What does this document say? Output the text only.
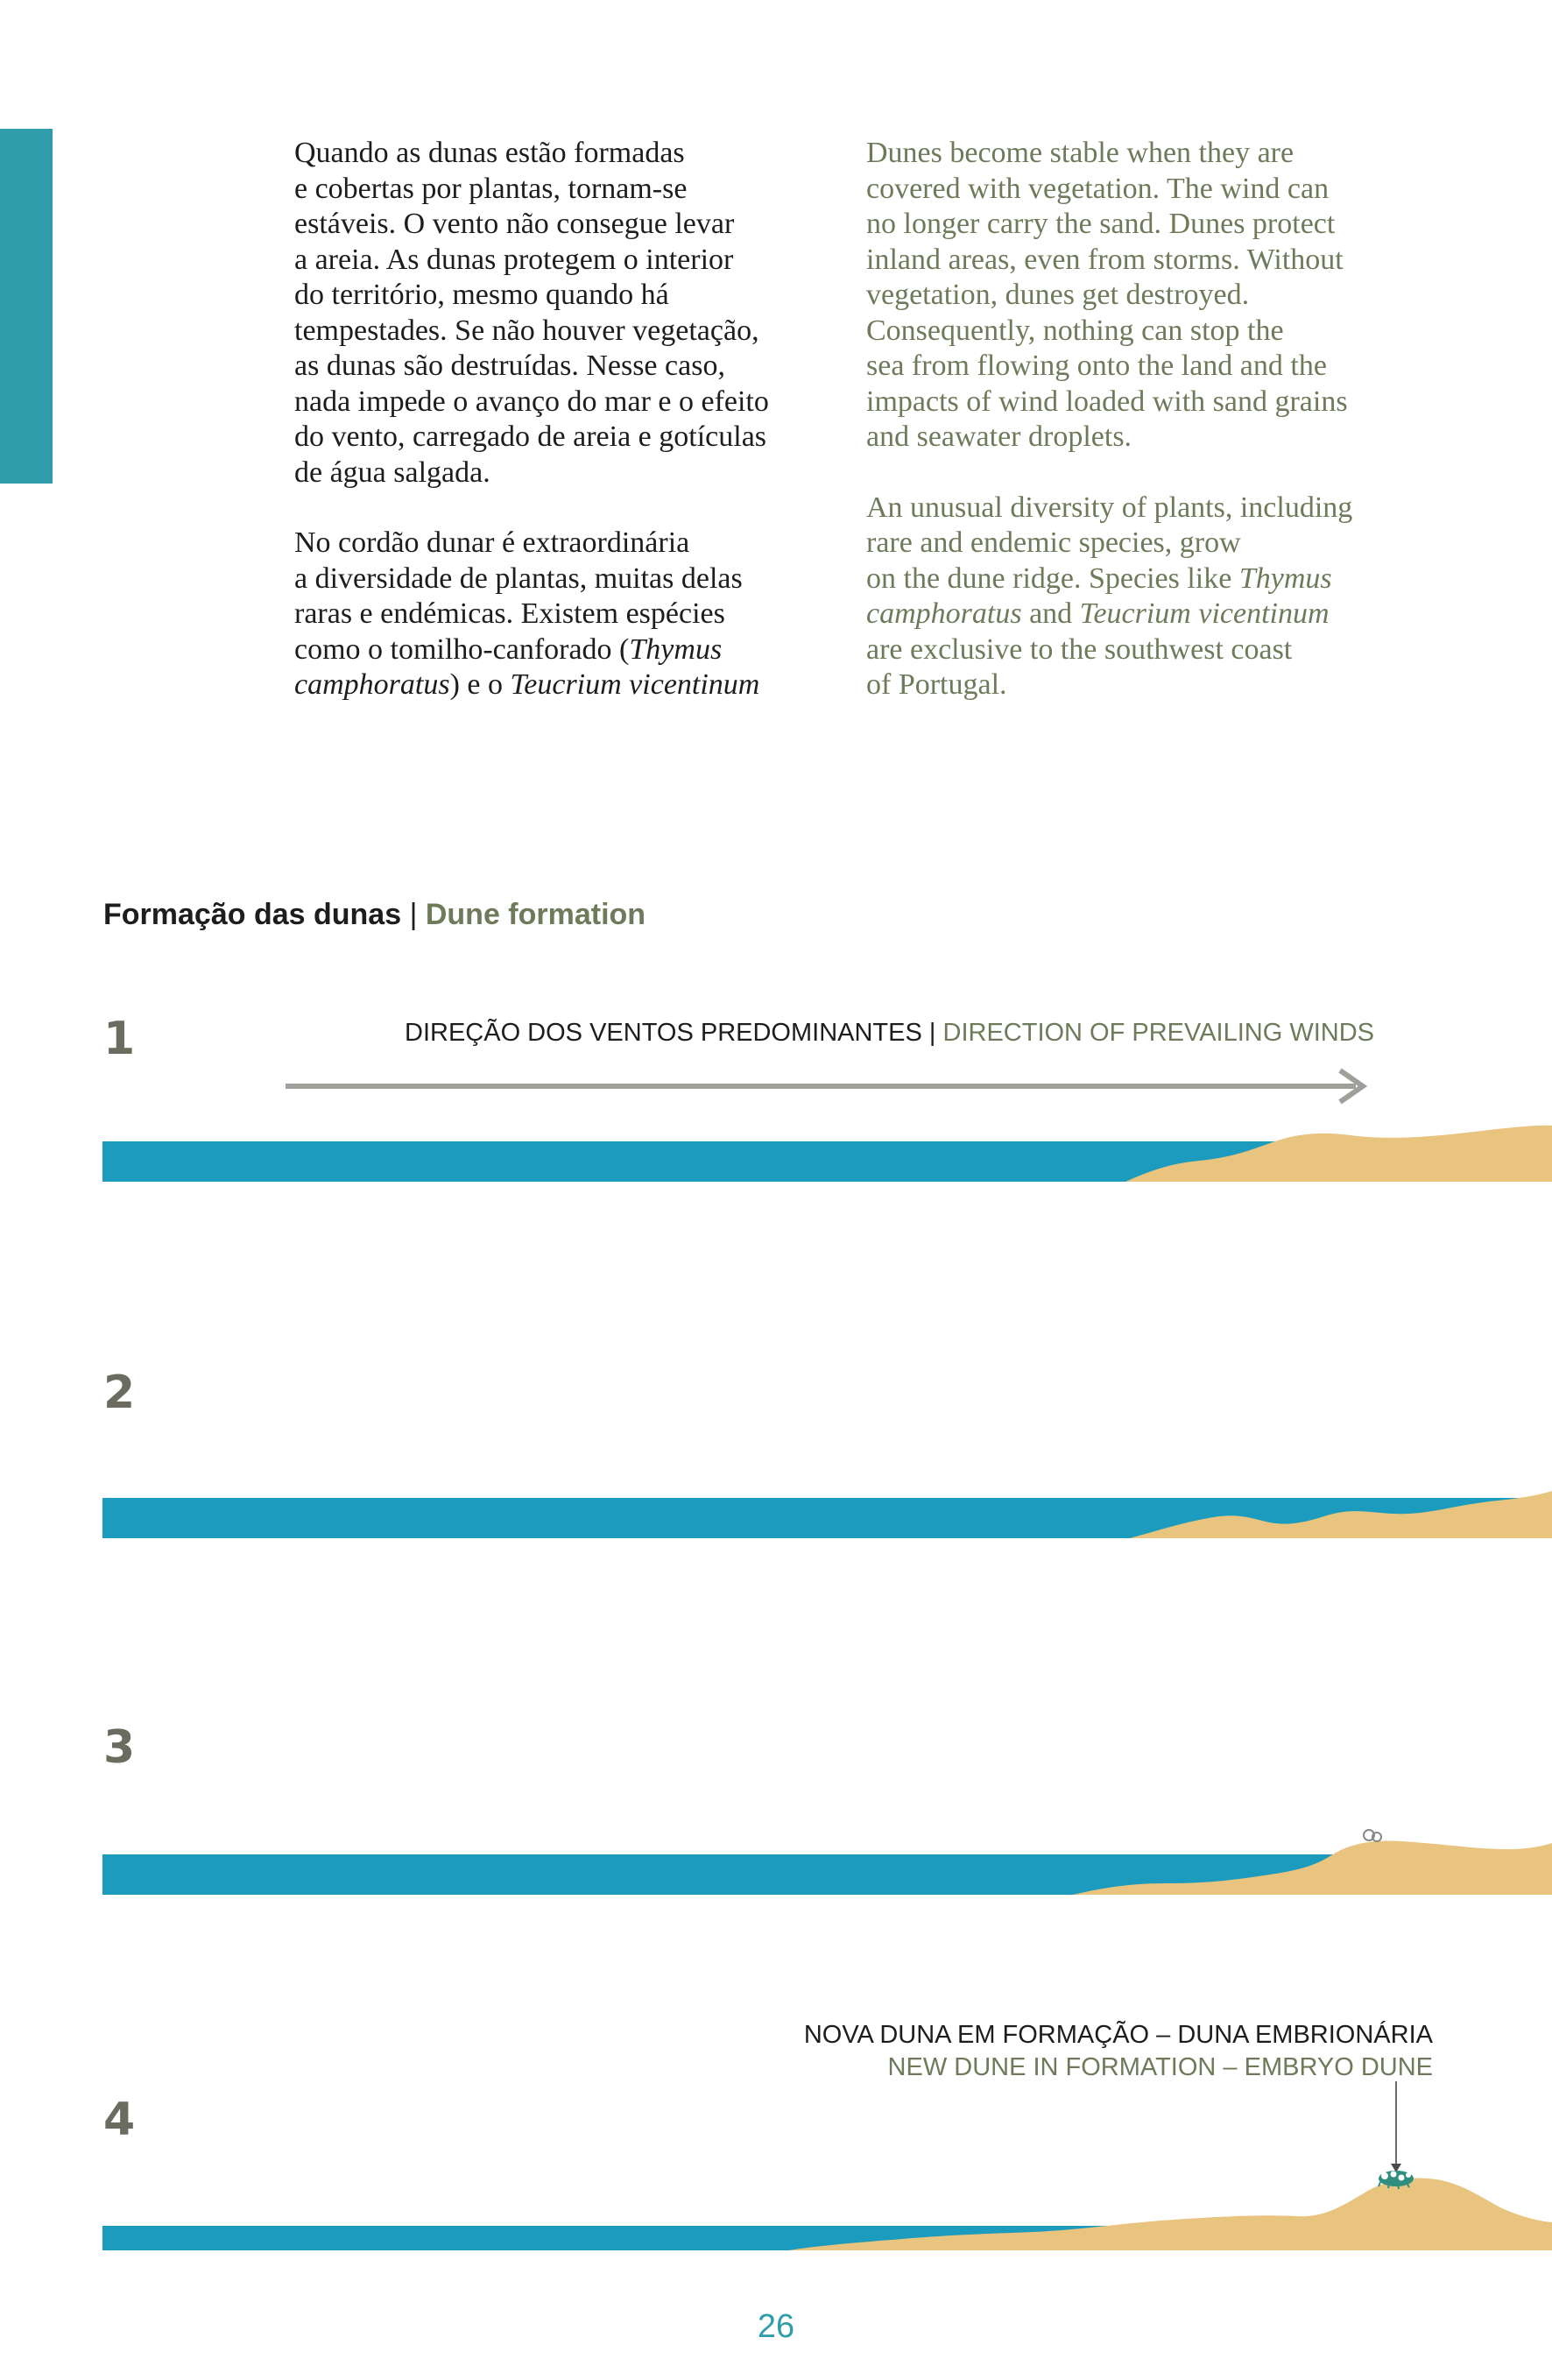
Quando as dunas estão formadas
e cobertas por plantas, tornam-se
estáveis. O vento não consegue levar
a areia. As dunas protegem o interior
do território, mesmo quando há
tempestades. Se não houver vegetação,
as dunas são destruídas. Nesse caso,
nada impede o avanço do mar e o efeito
do vento, carregado de areia e gotículas
de água salgada.

No cordão dunar é extraordinária
a diversidade de plantas, muitas delas
raras e endémicas. Existem espécies
como o tomilho-canforado (Thymus
camphoratus) e o Teucrium vicentinum

Dunes become stable when they are
covered with vegetation. The wind can
no longer carry the sand. Dunes protect
inland areas, even from storms. Without
vegetation, dunes get destroyed.
Consequently, nothing can stop the
sea from flowing onto the land and the
impacts of wind loaded with sand grains
and seawater droplets.

An unusual diversity of plants, including
rare and endemic species, grow
on the dune ridge. Species like Thymus
camphoratus and Teucrium vicentinum
are exclusive to the southwest coast
of Portugal.

Formação das dunas | Dune formation
1
2
3
4
DIREÇÃO DOS VENTOS PREDOMINANTES | DIRECTION OF PREVAILING WINDS
NOVA DUNA EM FORMAÇÃO – DUNA EMBRIONÁRIA
NEW DUNE IN FORMATION – EMBRYO DUNE
26
